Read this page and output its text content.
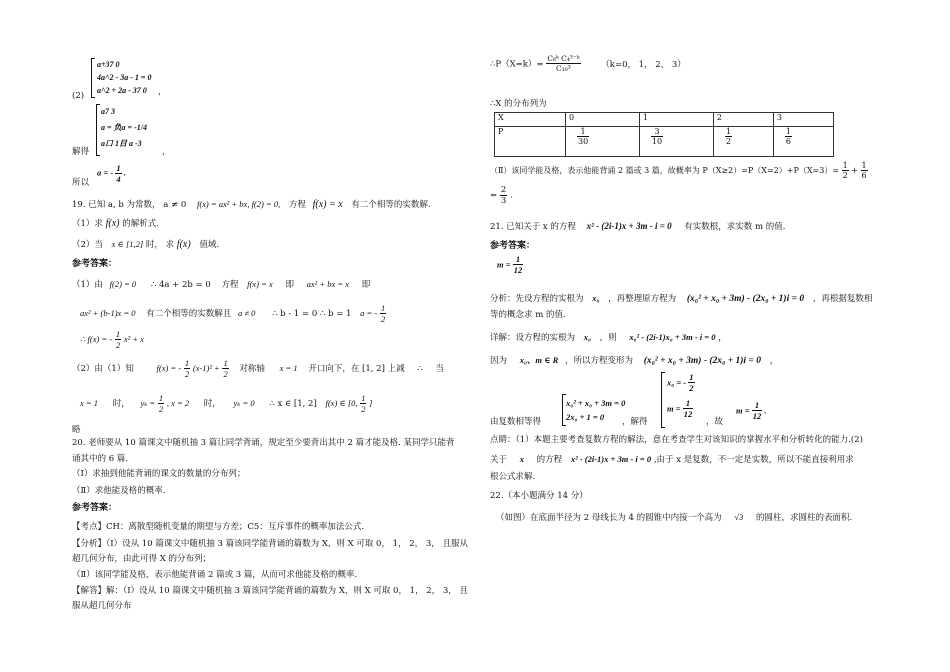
(2)
a+37 0
4a^2 - 3a - 1 = 0
a^2 + 2a - 37 0	，
解得
a7 3
a = 负a = -1/4
a口 1目 a -3
，
所以
a = - $\frac{1}{4}$ .
19. 已知 a, b 为常数， a ≠ 0 f(x) = ax² + bx, f(2) = 0, 方程 f(x) = x 有二个相等的实数解.
（1）求 f(x) 的解析式.
（2）当 x ∈ [1,2] 时， 求 f(x) 值域.
参考答案：
（1）由 f(2) = 0 ∴ 4a + 2b = 0 方程 f(x) = x 即 ax² + bx = x 即
ax² + (b-1)x = 0 有二个相等的实数解且 a ≠ 0 ∴ b - 1 = 0 ∴ b = 1 a = - $\frac{1}{2}$
∴ f(x) = - $\frac{1}{2} x^2 + x$
（2）由（1）知	f(x) = - $\frac{1}{2} (x-1)^2 + \frac{1}{2}$ 对称轴 x = 1 开口向下，在 [1, 2] 上减 ∴ 当
x = 1 时， $y_k = \frac{1}{2}$ , x = 2 时， yₖ = 0 ∴ x ∈ [1, 2] f(x) ∈ [0, $\frac{1}{2}$ ]
略
20. 老师要从 10 篇课文中随机抽 3 篇让同学背诵，规定至少要背出其中 2 篇才能及格. 某同学只能背
诵其中的 6 篇.
（Ⅰ）求抽到他能背诵的课文的数量的分布列；
（Ⅱ）求他能及格的概率.
参考答案：
【考点】CH：离散型随机变量的期望与方差；C5：互斥事件的概率加法公式.
【分析】（Ⅰ）设从 10 篇课文中随机抽 3 篇该同学能背诵的篇数为 X，则 X 可取 0， 1， 2， 3， 且服从
超几何分布，由此可得 X 的分布列；
（Ⅱ）该同学能及格，表示他能背诵 2 篇或 3 篇，从而可求他能及格的概率.
【解答】解：（Ⅰ）设从 10 篇课文中随机抽 3 篇该同学能背诵的篇数为 X，则 X 可取 0， 1， 2， 3， 且
服从超几何分布
∴P（X=k）= $\frac{\text{C₆ᵏ C₄³⁻ᵏ}}{\text{C₁₀³}} (k=0$， 1， 2， 3）
∴X 的分布列为
X	0	1	2	3
P	$\frac{1}{30}$	$\frac{3}{10}$	$\frac{1}{2}$	$\frac{1}{6}$
（Ⅱ）该同学能及格，表示他能背诵 2 篇或 3 篇，故概率为 $P(X\ge 2)=P(X=2)+P(X=3)= \frac{1}{2} + \frac{1}{6}$
= $\frac{2}{3}$ .
21. 已知关于 x 的方程 x² - (2i-1)x + 3m - i = 0 有实数根，求实数 m 的值.
参考答案：
$m = \frac{1}{12}$
分析：先设方程的实根为 x₀ ，再整理原方程为 (x₀² + x₀ + 3m) - (2x₀ + 1)i = 0 ，再根据复数相
等的概念求 m 的值.
详解：设方程的实根为 x₀ ，则 x₀² - (2i-1)x₀ + 3m - i = 0 ，
因为 x₀、m ∈ R ，所以方程变形为 (x₀² + x₀ + 3m) - (2x₀ + 1)i = 0 ，
由复数相等得
x₀² + x₀ + 3m = 0
2x₀ + 1 = 0	，解得
x₀ = - $\frac{1}{2}$
$m = \frac{1}{12}$
，故
$m = \frac{1}{12}$ .
点睛：（1）本题主要考查复数方程的解法，意在考查学生对该知识的掌握水平和分析转化的能力.(2)
关于 x 的方程 x² - (2i-1)x + 3m - i = 0 ,由于 x 是复数，不一定是实数，所以不能直接利用求
根公式求解.
22.（本小题满分 14 分）
（如图）在底面半径为 2 母线长为 4 的圆锥中内接一个高为 √3 的圆柱，求圆柱的表面积.
